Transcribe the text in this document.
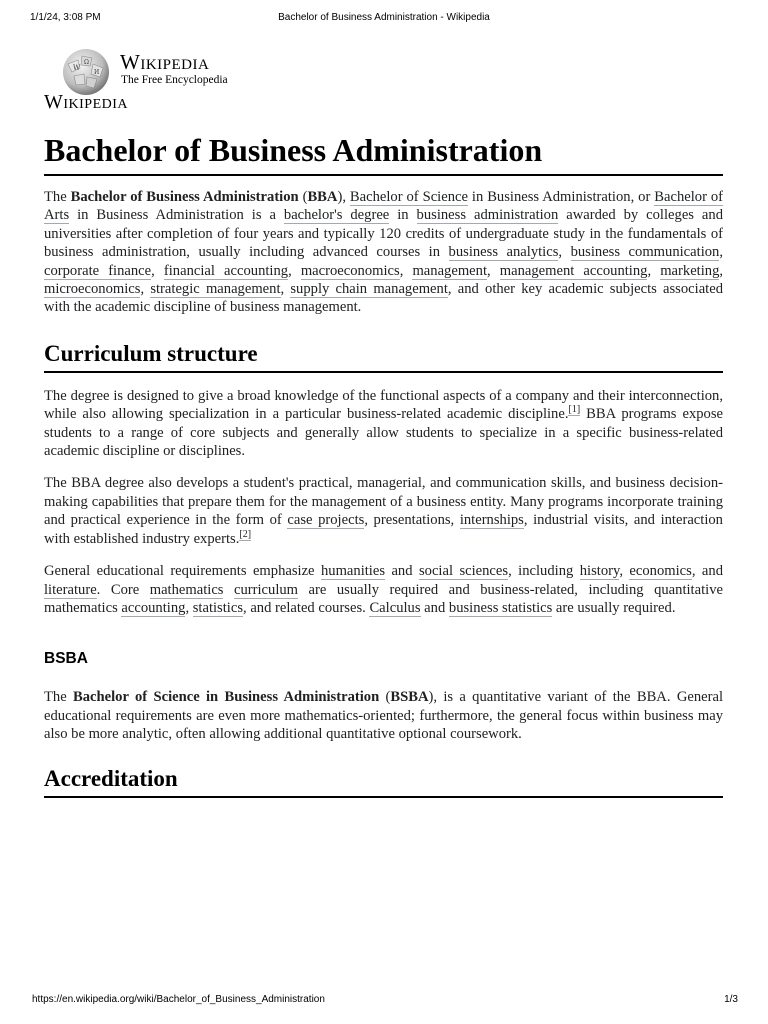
1/1/24, 3:08 PM	Bachelor of Business Administration - Wikipedia
W
Ω
И Wikipedia
The Free Encyclopedia
Wikipedia
Bachelor of Business Administration

The Bachelor of Business Administration (BBA), Bachelor of Science in Business Administration, or Bachelor of Arts in Business Administration is a bachelor's degree in business administration awarded by colleges and universities after completion of four years and typically 120 credits of undergraduate study in the fundamentals of business administration, usually including advanced courses in business analytics, business communication, corporate finance, financial accounting, macroeconomics, management, management accounting, marketing, microeconomics, strategic management, supply chain management, and other key academic subjects associated with the academic discipline of business management.

Curriculum structure

The degree is designed to give a broad knowledge of the functional aspects of a company and their interconnection, while also allowing specialization in a particular business-related academic discipline.[1] BBA programs expose students to a range of core subjects and generally allow students to specialize in a specific business-related academic discipline or disciplines.

The BBA degree also develops a student's practical, managerial, and communication skills, and business decision-making capabilities that prepare them for the management of a business entity. Many programs incorporate training and practical experience in the form of case projects, presentations, internships, industrial visits, and interaction with established industry experts.[2]

General educational requirements emphasize humanities and social sciences, including history, economics, and literature. Core mathematics curriculum are usually required and business-related, including quantitative mathematics accounting, statistics, and related courses. Calculus and business statistics are usually required.

BSBA

The Bachelor of Science in Business Administration (BSBA), is a quantitative variant of the BBA. General educational requirements are even more mathematics-oriented; furthermore, the general focus within business may also be more analytic, often allowing additional quantitative optional coursework.

Accreditation
https://en.wikipedia.org/wiki/Bachelor_of_Business_Administration	1/3
